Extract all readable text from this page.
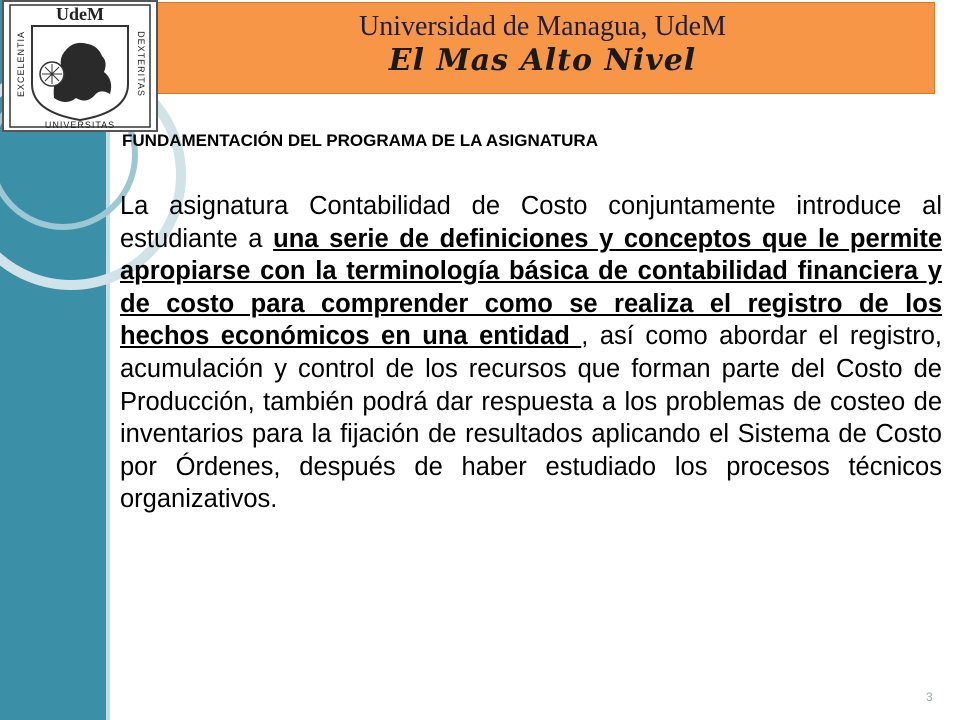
Universidad de Managua, UdeM
El Mas Alto Nivel
UdeM
EXCELENTIA	DEXTERITAS
UNIVERSITAS
FUNDAMENTACIÓN DEL PROGRAMA DE LA ASIGNATURA

La asignatura Contabilidad de Costo conjuntamente introduce al estudiante a una serie de definiciones y conceptos que le permite apropiarse con la terminología básica de contabilidad financiera y de costo para comprender como se realiza el registro de los hechos económicos en una entidad , así como abordar el registro, acumulación y control de los recursos que forman parte del Costo de Producción, también podrá dar respuesta a los problemas de costeo de inventarios para la fijación de resultados aplicando el Sistema de Costo por Órdenes, después de haber estudiado los procesos técnicos organizativos.

3
